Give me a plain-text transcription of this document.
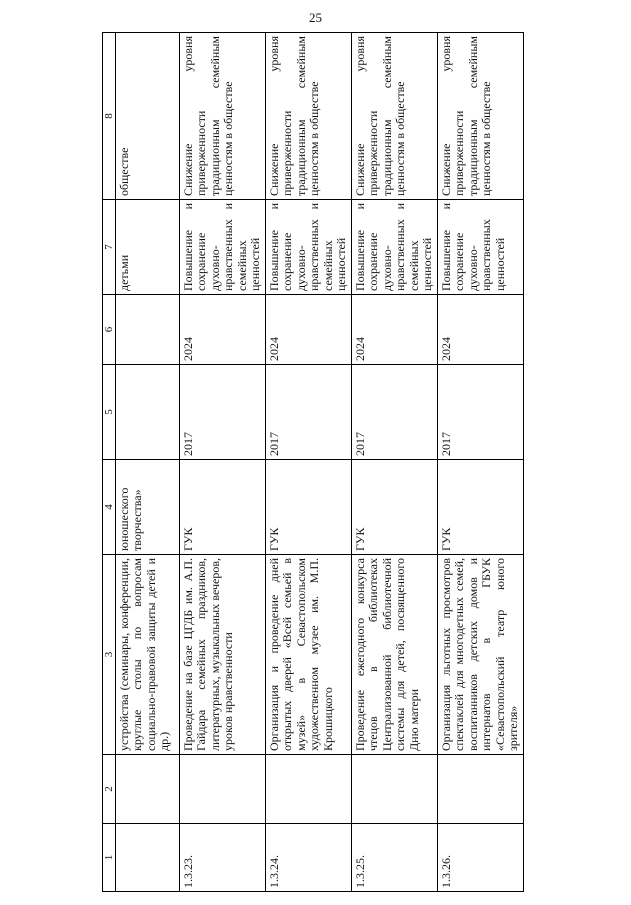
25
1	2	3	4	5	6	7	8
		устройства (семинары, конференции, круглые столы по вопросам социально-правовой защиты детей и др.)	юношеского творчества»			детьми	обществе
1.3.23.		Проведение на базе ЦГДБ им. А.П. Гайдара семейных праздников, литературных, музыкальных вечеров, уроков нравственности	ГУК	2017	2024	Повышение и сохранение духовно-нравственных и семейных ценностей	Снижение уровня приверженности традиционным семейным ценностям в обществе
1.3.24.		Организация и проведение дней открытых дверей «Всей семьей в музей» в Севастопольском художественном музее им. М.П. Крошицкого	ГУК	2017	2024	Повышение и сохранение духовно-нравственных и семейных ценностей	Снижение уровня приверженности традиционным семейным ценностям в обществе
1.3.25.		Проведение ежегодного конкурса чтецов в библиотеках Централизованной библиотечной системы для детей, посвященного Дню матери	ГУК	2017	2024	Повышение и сохранение духовно-нравственных и семейных ценностей	Снижение уровня приверженности традиционным семейным ценностям в обществе
1.3.26.		Организация льготных просмотров спектаклей для многодетных семей, воспитанников детских домов и интернатов в ГБУК «Севастопольский театр юного зрителя»	ГУК	2017	2024	Повышение и сохранение духовно-нравственных ценностей	Снижение уровня приверженности традиционным семейным ценностям в обществе
